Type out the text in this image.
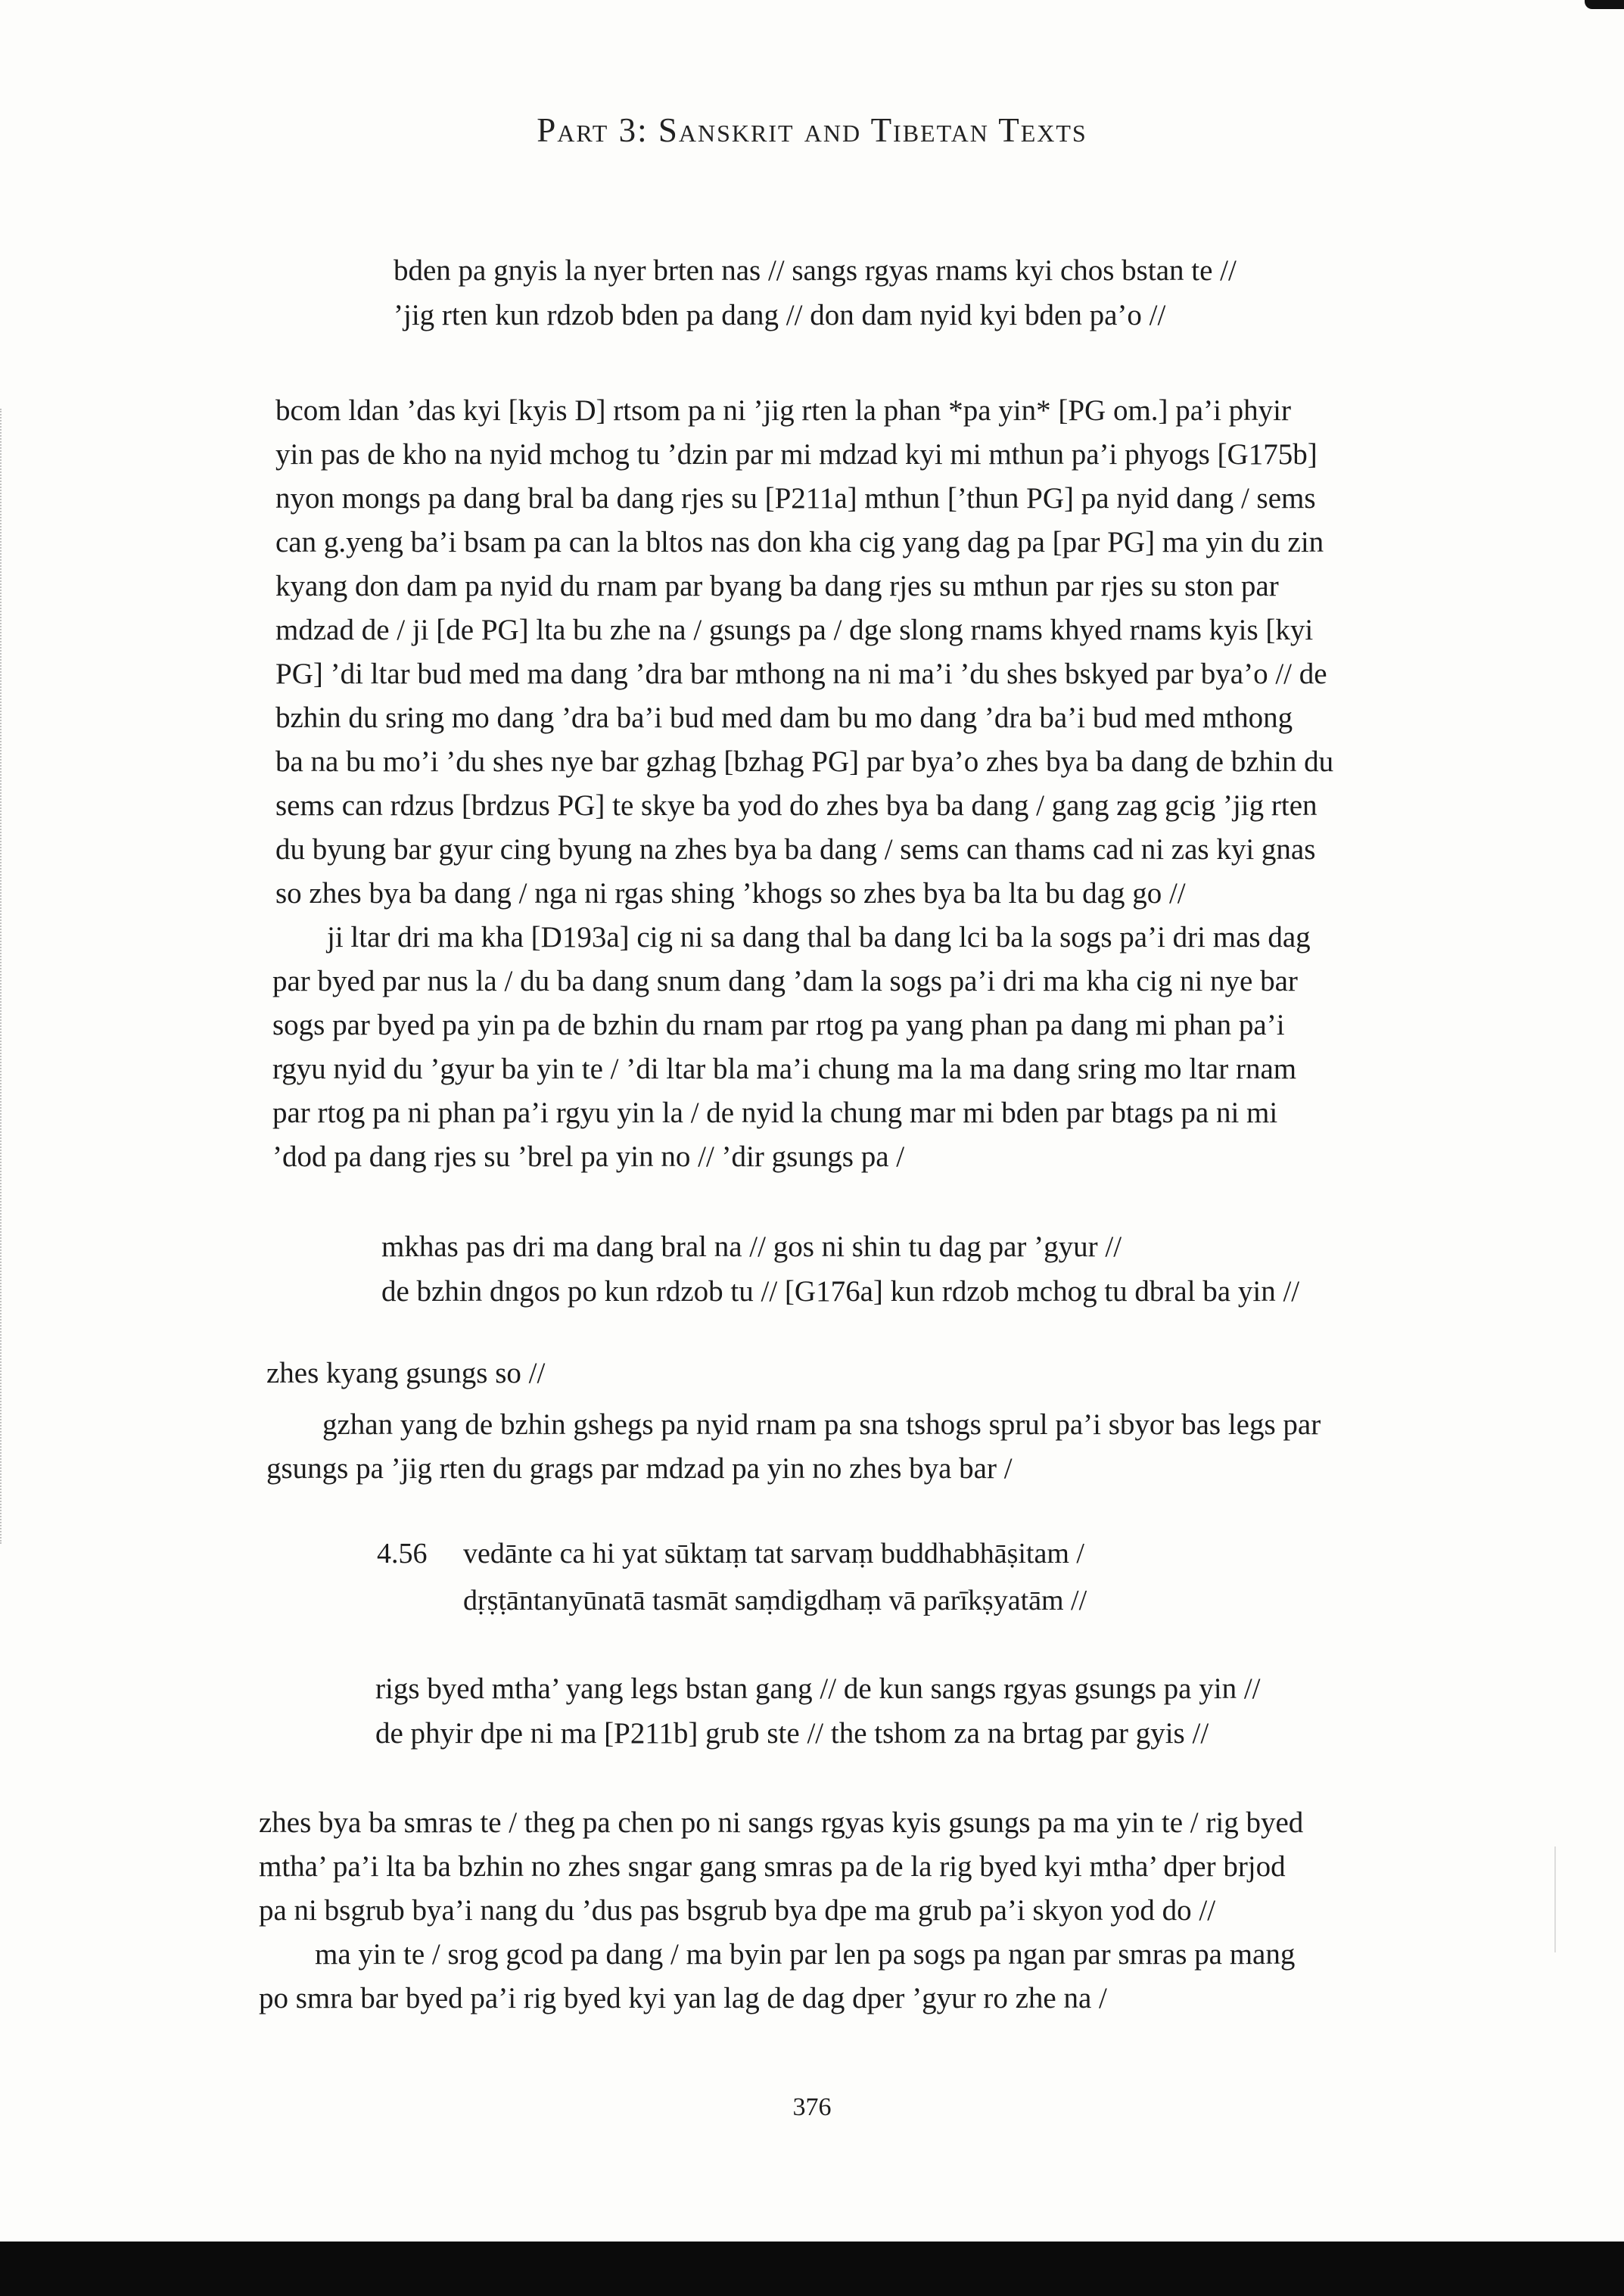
Part 3: Sanskrit and Tibetan Texts
bden pa gnyis la nyer brten nas // sangs rgyas rnams kyi chos bstan te //
’jig rten kun rdzob bden pa dang // don dam nyid kyi bden pa’o //
bcom ldan ’das kyi [kyis D] rtsom pa ni ’jig rten la phan *pa yin* [PG om.] pa’i phyir
yin pas de kho na nyid mchog tu ’dzin par mi mdzad kyi mi mthun pa’i phyogs [G175b]
nyon mongs pa dang bral ba dang rjes su [P211a] mthun [’thun PG] pa nyid dang / sems
can g.yeng ba’i bsam pa can la bltos nas don kha cig yang dag pa [par PG] ma yin du zin
kyang don dam pa nyid du rnam par byang ba dang rjes su mthun par rjes su ston par
mdzad de / ji [de PG] lta bu zhe na / gsungs pa / dge slong rnams khyed rnams kyis [kyi
PG] ’di ltar bud med ma dang ’dra bar mthong na ni ma’i ’du shes bskyed par bya’o // de
bzhin du sring mo dang ’dra ba’i bud med dam bu mo dang ’dra ba’i bud med mthong
ba na bu mo’i ’du shes nye bar gzhag [bzhag PG] par bya’o zhes bya ba dang de bzhin du
sems can rdzus [brdzus PG] te skye ba yod do zhes bya ba dang / gang zag gcig ’jig rten
du byung bar gyur cing byung na zhes bya ba dang / sems can thams cad ni zas kyi gnas
so zhes bya ba dang / nga ni rgas shing ’khogs so zhes bya ba lta bu dag go //
ji ltar dri ma kha [D193a] cig ni sa dang thal ba dang lci ba la sogs pa’i dri mas dag
par byed par nus la / du ba dang snum dang ’dam la sogs pa’i dri ma kha cig ni nye bar
sogs par byed pa yin pa de bzhin du rnam par rtog pa yang phan pa dang mi phan pa’i
rgyu nyid du ’gyur ba yin te / ’di ltar bla ma’i chung ma la ma dang sring mo ltar rnam
par rtog pa ni phan pa’i rgyu yin la / de nyid la chung mar mi bden par btags pa ni mi
’dod pa dang rjes su ’brel pa yin no // ’dir gsungs pa /
mkhas pas dri ma dang bral na // gos ni shin tu dag par ’gyur //
de bzhin dngos po kun rdzob tu // [G176a] kun rdzob mchog tu dbral ba yin //
zhes kyang gsungs so //
gzhan yang de bzhin gshegs pa nyid rnam pa sna tshogs sprul pa’i sbyor bas legs par
gsungs pa ’jig rten du grags par mdzad pa yin no zhes bya bar /
4.56 vedānte ca hi yat sūktaṃ tat sarvaṃ buddhabhāṣitam /
dṛṣṭāntanyūnatā tasmāt saṃdigdhaṃ vā parīkṣyatām //
rigs byed mtha’ yang legs bstan gang // de kun sangs rgyas gsungs pa yin //
de phyir dpe ni ma [P211b] grub ste // the tshom za na brtag par gyis //
zhes bya ba smras te / theg pa chen po ni sangs rgyas kyis gsungs pa ma yin te / rig byed
mtha’ pa’i lta ba bzhin no zhes sngar gang smras pa de la rig byed kyi mtha’ dper brjod
pa ni bsgrub bya’i nang du ’dus pas bsgrub bya dpe ma grub pa’i skyon yod do //
ma yin te / srog gcod pa dang / ma byin par len pa sogs pa ngan par smras pa mang
po smra bar byed pa’i rig byed kyi yan lag de dag dper ’gyur ro zhe na /
376
